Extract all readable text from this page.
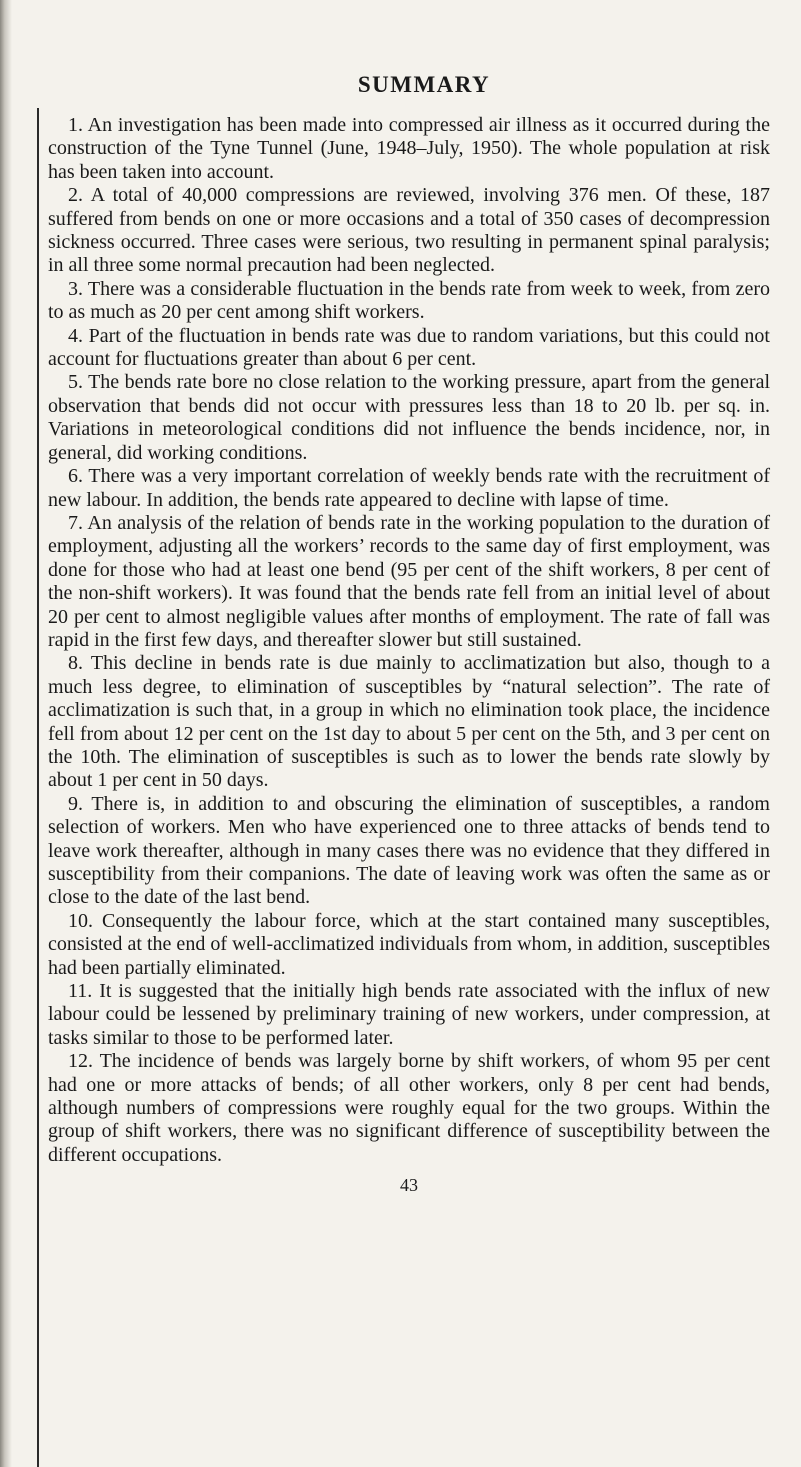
SUMMARY

1. An investigation has been made into compressed air illness as it occurred during the construction of the Tyne Tunnel (June, 1948–July, 1950). The whole population at risk has been taken into account.

2. A total of 40,000 compressions are reviewed, involving 376 men. Of these, 187 suffered from bends on one or more occasions and a total of 350 cases of decompression sickness occurred. Three cases were serious, two resulting in permanent spinal paralysis; in all three some normal precaution had been neglected.

3. There was a considerable fluctuation in the bends rate from week to week, from zero to as much as 20 per cent among shift workers.

4. Part of the fluctuation in bends rate was due to random variations, but this could not account for fluctuations greater than about 6 per cent.

5. The bends rate bore no close relation to the working pressure, apart from the general observation that bends did not occur with pressures less than 18 to 20 lb. per sq. in. Variations in meteorological conditions did not influence the bends incidence, nor, in general, did working conditions.

6. There was a very important correlation of weekly bends rate with the recruitment of new labour. In addition, the bends rate appeared to decline with lapse of time.

7. An analysis of the relation of bends rate in the working population to the duration of employment, adjusting all the workers’ records to the same day of first employment, was done for those who had at least one bend (95 per cent of the shift workers, 8 per cent of the non-shift workers). It was found that the bends rate fell from an initial level of about 20 per cent to almost negligible values after months of employment. The rate of fall was rapid in the first few days, and thereafter slower but still sustained.

8. This decline in bends rate is due mainly to acclimatization but also, though to a much less degree, to elimination of susceptibles by “natural selection”. The rate of acclimatization is such that, in a group in which no elimination took place, the incidence fell from about 12 per cent on the 1st day to about 5 per cent on the 5th, and 3 per cent on the 10th. The elimination of susceptibles is such as to lower the bends rate slowly by about 1 per cent in 50 days.

9. There is, in addition to and obscuring the elimination of susceptibles, a random selection of workers. Men who have experienced one to three attacks of bends tend to leave work thereafter, although in many cases there was no evidence that they differed in susceptibility from their companions. The date of leaving work was often the same as or close to the date of the last bend.

10. Consequently the labour force, which at the start contained many susceptibles, consisted at the end of well-acclimatized individuals from whom, in addition, susceptibles had been partially eliminated.

11. It is suggested that the initially high bends rate associated with the influx of new labour could be lessened by preliminary training of new workers, under compression, at tasks similar to those to be performed later.

12. The incidence of bends was largely borne by shift workers, of whom 95 per cent had one or more attacks of bends; of all other workers, only 8 per cent had bends, although numbers of compressions were roughly equal for the two groups. Within the group of shift workers, there was no significant difference of susceptibility between the different occupations.

43
